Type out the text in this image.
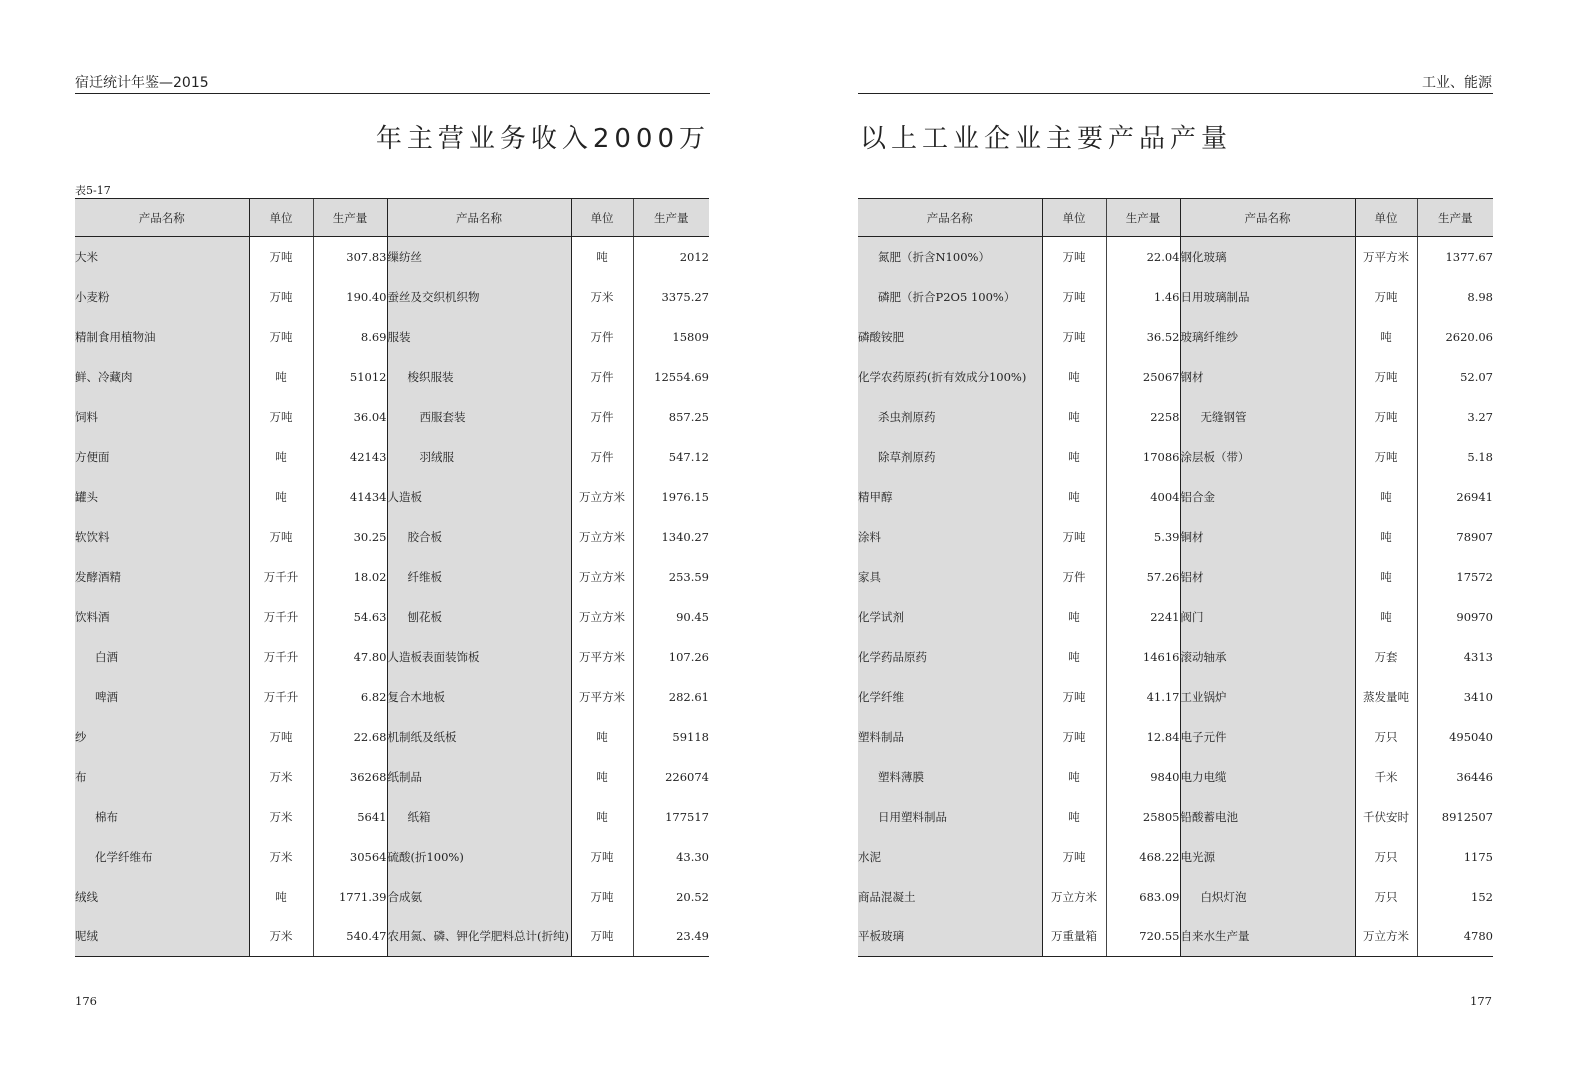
宿迁统计年鉴—2015
年主营业务收入2000万
表5-17
产品名称	单位	生产量	产品名称	单位	生产量
大米	万吨	307.83	缫纺丝	吨	2012
小麦粉	万吨	190.40	蚕丝及交织机织物	万米	3375.27
精制食用植物油	万吨	8.69	服装	万件	15809
鲜、冷藏肉	吨	51012	梭织服装	万件	12554.69
饲料	万吨	36.04	西服套装	万件	857.25
方便面	吨	42143	羽绒服	万件	547.12
罐头	吨	41434	人造板	万立方米	1976.15
软饮料	万吨	30.25	胶合板	万立方米	1340.27
发酵酒精	万千升	18.02	纤维板	万立方米	253.59
饮料酒	万千升	54.63	刨花板	万立方米	90.45
白酒	万千升	47.80	人造板表面装饰板	万平方米	107.26
啤酒	万千升	6.82	复合木地板	万平方米	282.61
纱	万吨	22.68	机制纸及纸板	吨	59118
布	万米	36268	纸制品	吨	226074
棉布	万米	5641	纸箱	吨	177517
化学纤维布	万米	30564	硫酸(折100%)	万吨	43.30
绒线	吨	1771.39	合成氨	万吨	20.52
呢绒	万米	540.47	农用氮、磷、钾化学肥料总计(折纯)	万吨	23.49
176
工业、能源
以上工业企业主要产品产量
产品名称	单位	生产量	产品名称	单位	生产量
氮肥（折含N100%）	万吨	22.04	钢化玻璃	万平方米	1377.67
磷肥（折合P2O5 100%）	万吨	1.46	日用玻璃制品	万吨	8.98
磷酸铵肥	万吨	36.52	玻璃纤维纱	吨	2620.06
化学农药原药(折有效成分100%)	吨	25067	钢材	万吨	52.07
杀虫剂原药	吨	2258	无缝钢管	万吨	3.27
除草剂原药	吨	17086	涂层板（带）	万吨	5.18
精甲醇	吨	4004	铝合金	吨	26941
涂料	万吨	5.39	铜材	吨	78907
家具	万件	57.26	铝材	吨	17572
化学试剂	吨	2241	阀门	吨	90970
化学药品原药	吨	14616	滚动轴承	万套	4313
化学纤维	万吨	41.17	工业锅炉	蒸发量吨	3410
塑料制品	万吨	12.84	电子元件	万只	495040
塑料薄膜	吨	9840	电力电缆	千米	36446
日用塑料制品	吨	25805	铅酸蓄电池	千伏安时	8912507
水泥	万吨	468.22	电光源	万只	1175
商品混凝土	万立方米	683.09	白炽灯泡	万只	152
平板玻璃	万重量箱	720.55	自来水生产量	万立方米	4780
177
